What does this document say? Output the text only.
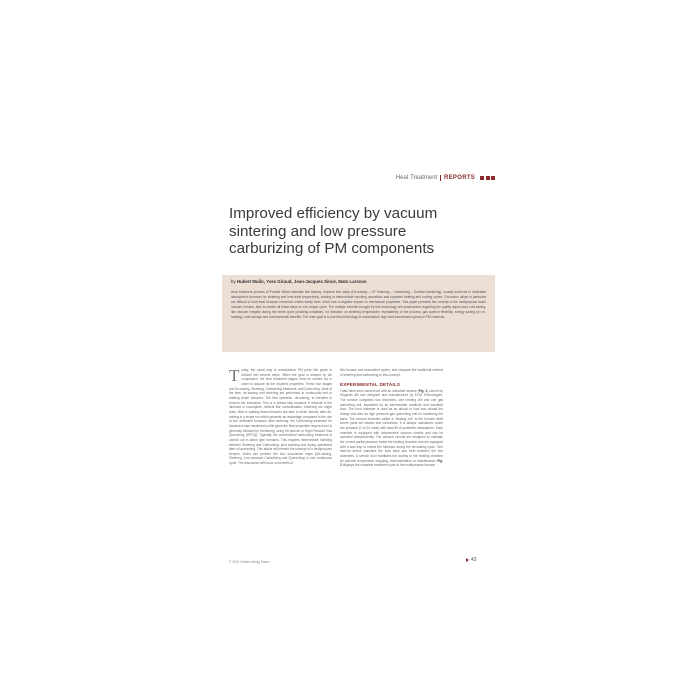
Heat Treatment REPORTS
Improved efficiency by vacuum
sintering and low pressure
carburizing of PM components
by Hubert Mulin, Yves Giraud, Jean-Jacques Since, Mats Larsson
Heat treatment process of Powder Metal materials like Astaloy, requires four steps (De-waxing – HT Sintering – Carburizing – Surface-hardening), usually achieved in dedicated atmospheric furnaces for sintering and heat treat respectively, leading to intermediate handling operations and repeated heating and cooling cycles. Chromium alloys in particular are difficult to heat treat because chromium oxides easily form, which has a negative impact on mechanical properties. This paper presents the concept of the multipurpose batch vacuum furnace, able to realize all these steps in one unique cycle. The multiple benefits brought by this technology are summarized regarding the quality aspect and cost saving, like vacuum integrity during the entire cycle (avoiding oxidation), no limitation on sintering temperature, repeatability of the process, gas quench flexibility, energy saving (no re-heating), cost savings and environmental benefits. The main goal is to use this technology to manufacture high load transmission gears in PM materials.
T oday, the usual way to manufacture PM parts like gears is divided into several steps. When the gear is shaped by die compaction, the final treatment stages must be carried out in order to acquire all the required properties. These four stages are De-waxing, Sintering, Carburizing treatment, and Quenching. Most of the time, de-waxing and sintering are performed in continuous belt or walking beam furnaces. The first operation, de-waxing, is intended to remove the lubricants. This is a critical step because if removal of the lubricant is incomplete, defects like contamination, blistering etc might arise. Belt or walking beam furnaces are able to sinter directly after de-waxing in a single run which presents an advantage compared to the use of two dedicated furnaces. After sintering, the Carburizing treatment for hardened case hardened profile gives the final properties required and is generally followed by Hardening, using Oil quench or High Pressure Gas Quenching (HPGQ). Typically the conventional carburizing treatment is carried out in batch type furnaces. This requires intermediate handling between Sintering and Carburizing, post washing and drying operations after oil quenching. This article will present the concept of a multipurpose furnace, which can perform the four successive steps (De-waxing, Sintering, Low pressure Carburizing and Quenching) in one continuous cycle. The discussion will focus on benefits of
this furnace and associated cycles, and compare the traditional method of sintering and carburizing to this concept.
EXPERIMENTAL DETAILS
Trials have been carried out with an industrial furnace (Fig. 1) owned by Höganäs AB and designed and manufactured by ECM Technologies. The furnace comprises two chambers, one heating cell and one gas quenching cell, separated by an intermediate vestibule and insulated door. The front chamber is used as an airlock to load and unload the charge and also as high pressure gas quenching unit for hardening the parts. The second chamber called a “heating cell” is the furnace itself where parts are heated and carburized. It is always maintained under low pressure (1 to 20 mbar) with back fill of protective atmosphere. Each chamber is equipped with independent vacuum circuits and can be operated independently. The vacuum circuits are designed to maintain the correct partial pressure inside the heating chamber and are equipped with a wax trap to collect the lubricant during the de-waxing cycle. One internal device transfers the load back and forth between the two chambers. A service door facilitates the access to the heating chamber for periodic temperature mapping, instrumentation or maintenance. Fig. 2 displays the complete treatment cycle in the multipurpose furnace
© 2016 Vulkan-Verlag Essen	43
